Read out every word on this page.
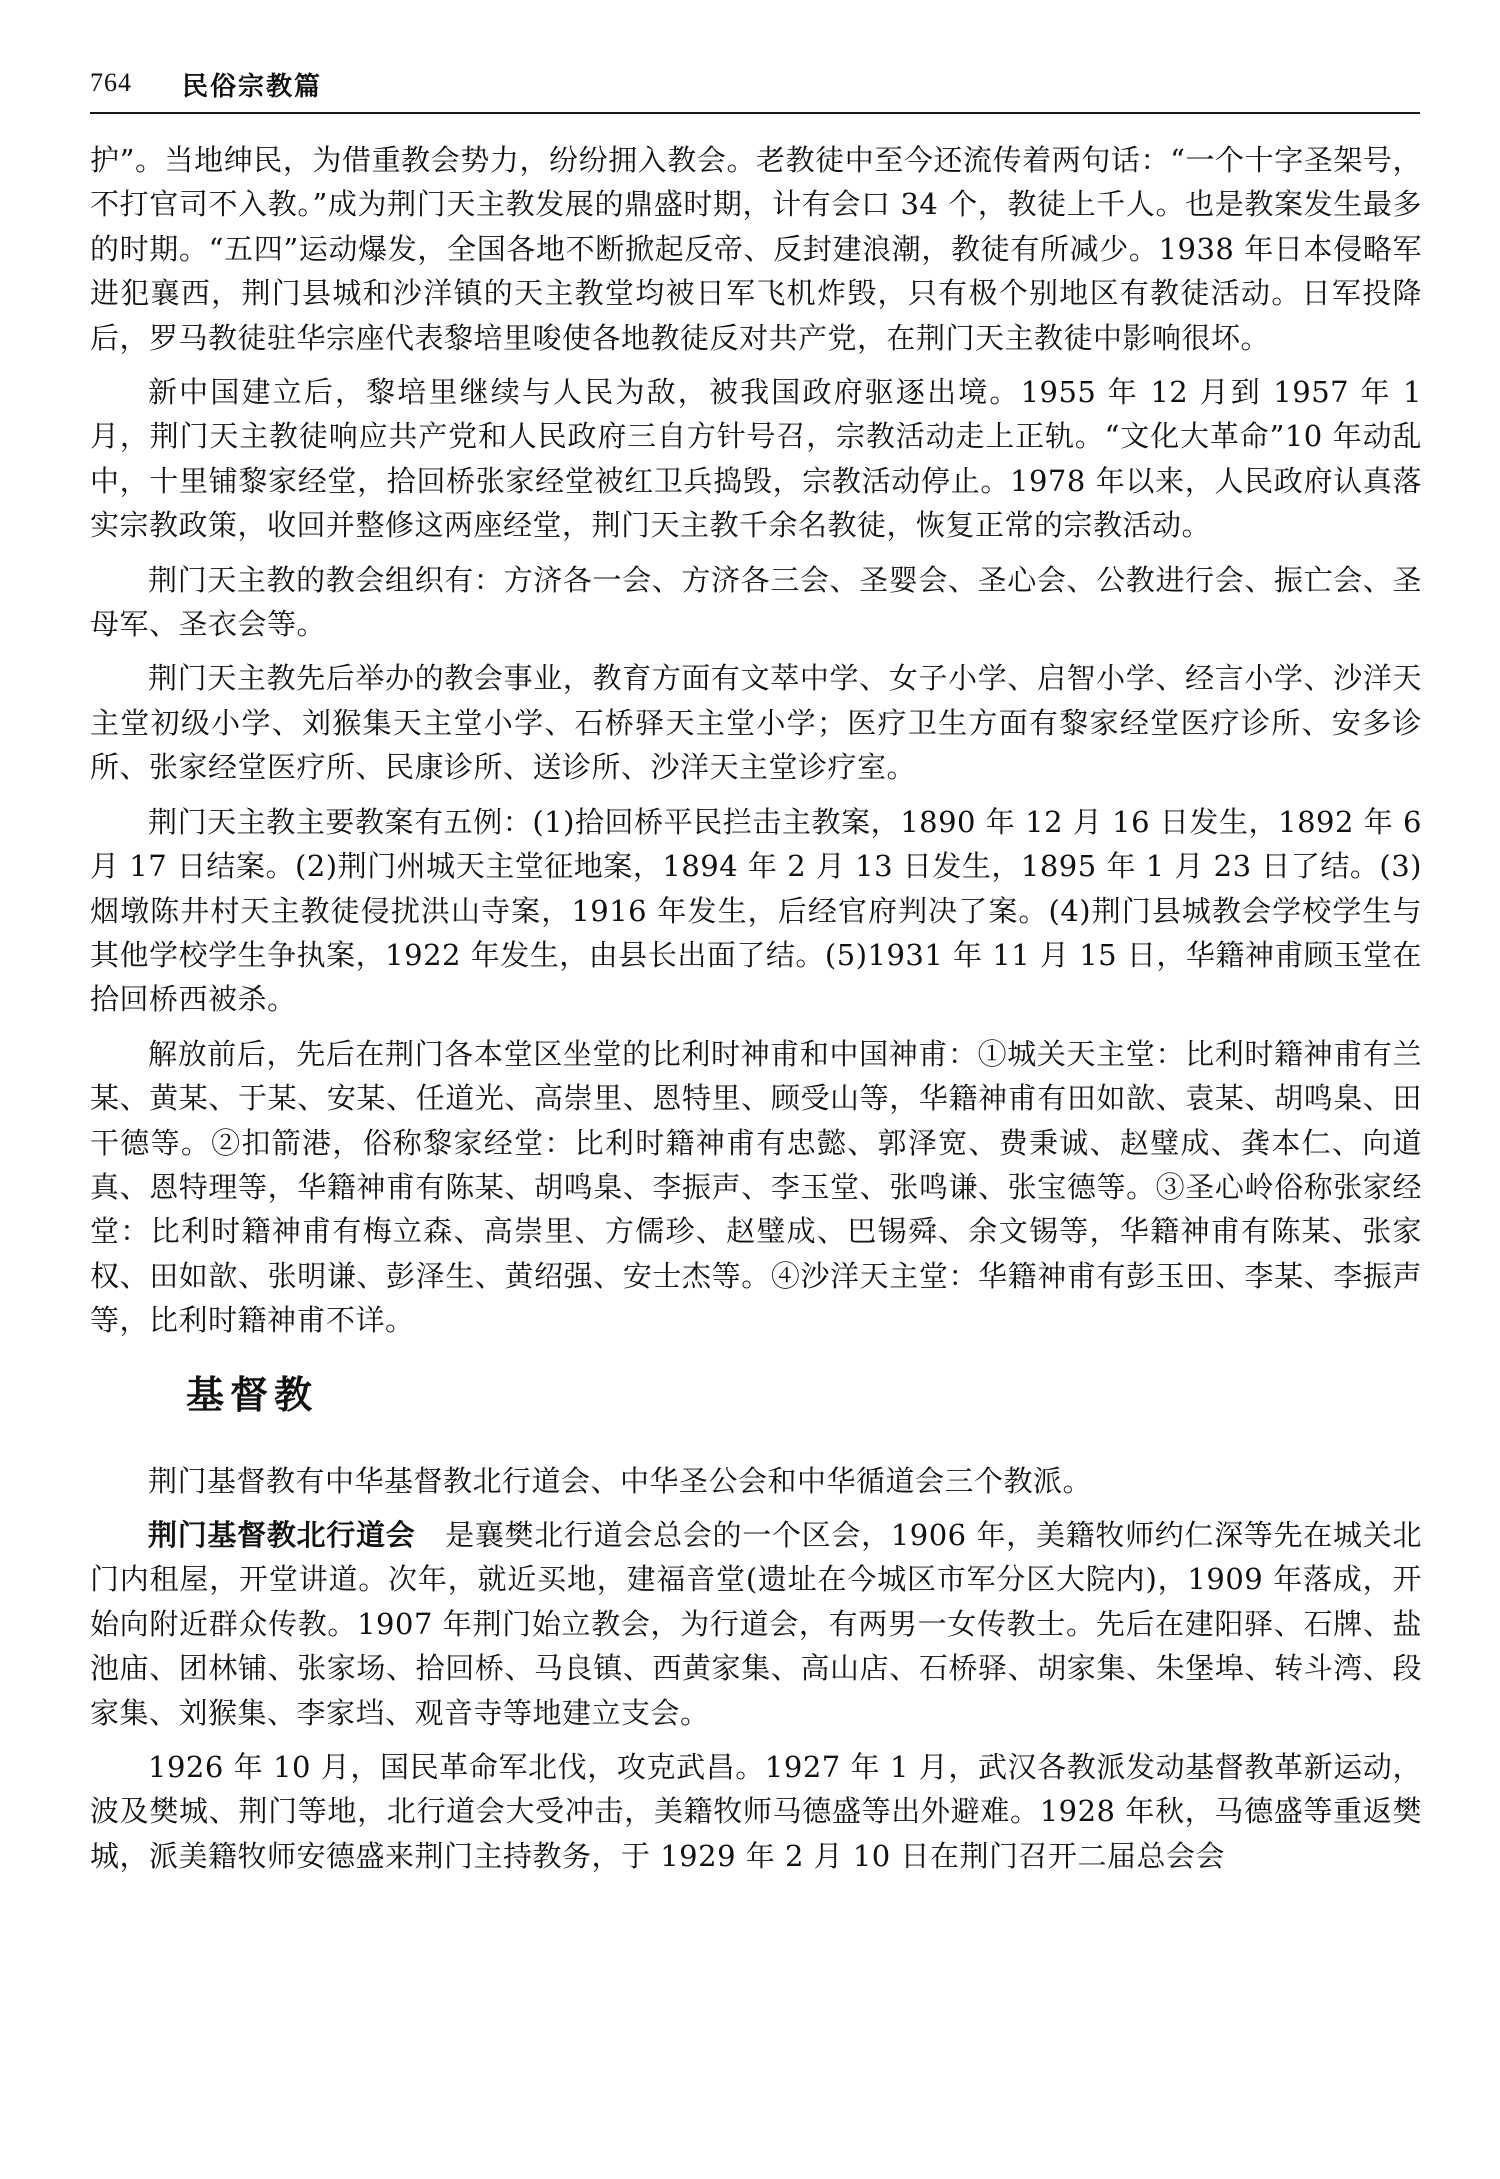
764 民俗宗教篇

护”。当地绅民，为借重教会势力，纷纷拥入教会。老教徒中至今还流传着两句话：“一个十字圣架号，不打官司不入教。”成为荆门天主教发展的鼎盛时期，计有会口 34 个，教徒上千人。也是教案发生最多的时期。“五四”运动爆发，全国各地不断掀起反帝、反封建浪潮，教徒有所减少。1938 年日本侵略军进犯襄西，荆门县城和沙洋镇的天主教堂均被日军飞机炸毁，只有极个别地区有教徒活动。日军投降后，罗马教徒驻华宗座代表黎培里唆使各地教徒反对共产党，在荆门天主教徒中影响很坏。

新中国建立后，黎培里继续与人民为敌，被我国政府驱逐出境。1955 年 12 月到 1957 年 1 月，荆门天主教徒响应共产党和人民政府三自方针号召，宗教活动走上正轨。“文化大革命”10 年动乱中，十里铺黎家经堂，拾回桥张家经堂被红卫兵捣毁，宗教活动停止。1978 年以来，人民政府认真落实宗教政策，收回并整修这两座经堂，荆门天主教千余名教徒，恢复正常的宗教活动。

荆门天主教的教会组织有：方济各一会、方济各三会、圣婴会、圣心会、公教进行会、振亡会、圣母军、圣衣会等。

荆门天主教先后举办的教会事业，教育方面有文萃中学、女子小学、启智小学、经言小学、沙洋天主堂初级小学、刘猴集天主堂小学、石桥驿天主堂小学；医疗卫生方面有黎家经堂医疗诊所、安多诊所、张家经堂医疗所、民康诊所、送诊所、沙洋天主堂诊疗室。

荆门天主教主要教案有五例：(1)拾回桥平民拦击主教案，1890 年 12 月 16 日发生，1892 年 6 月 17 日结案。(2)荆门州城天主堂征地案，1894 年 2 月 13 日发生，1895 年 1 月 23 日了结。(3)烟墩陈井村天主教徒侵扰洪山寺案，1916 年发生，后经官府判决了案。(4)荆门县城教会学校学生与其他学校学生争执案，1922 年发生，由县长出面了结。(5)1931 年 11 月 15 日，华籍神甫顾玉堂在拾回桥西被杀。

解放前后，先后在荆门各本堂区坐堂的比利时神甫和中国神甫：①城关天主堂：比利时籍神甫有兰某、黄某、于某、安某、任道光、高崇里、恩特里、顾受山等，华籍神甫有田如歆、袁某、胡鸣臬、田干德等。②扣箭港，俗称黎家经堂：比利时籍神甫有忠懿、郭泽宽、费秉诚、赵璧成、龚本仁、向道真、恩特理等，华籍神甫有陈某、胡鸣臬、李振声、李玉堂、张鸣谦、张宝德等。③圣心岭俗称张家经堂：比利时籍神甫有梅立森、高崇里、方儒珍、赵璧成、巴锡舜、余文锡等，华籍神甫有陈某、张家权、田如歆、张明谦、彭泽生、黄绍强、安士杰等。④沙洋天主堂：华籍神甫有彭玉田、李某、李振声等，比利时籍神甫不详。

基督教

荆门基督教有中华基督教北行道会、中华圣公会和中华循道会三个教派。

荆门基督教北行道会　是襄樊北行道会总会的一个区会，1906 年，美籍牧师约仁深等先在城关北门内租屋，开堂讲道。次年，就近买地，建福音堂(遗址在今城区市军分区大院内)，1909 年落成，开始向附近群众传教。1907 年荆门始立教会，为行道会，有两男一女传教士。先后在建阳驿、石牌、盐池庙、团林铺、张家场、拾回桥、马良镇、西黄家集、高山店、石桥驿、胡家集、朱堡埠、转斗湾、段家集、刘猴集、李家垱、观音寺等地建立支会。

1926 年 10 月，国民革命军北伐，攻克武昌。1927 年 1 月，武汉各教派发动基督教革新运动，波及樊城、荆门等地，北行道会大受冲击，美籍牧师马德盛等出外避难。1928 年秋，马德盛等重返樊城，派美籍牧师安德盛来荆门主持教务，于 1929 年 2 月 10 日在荆门召开二届总会会
